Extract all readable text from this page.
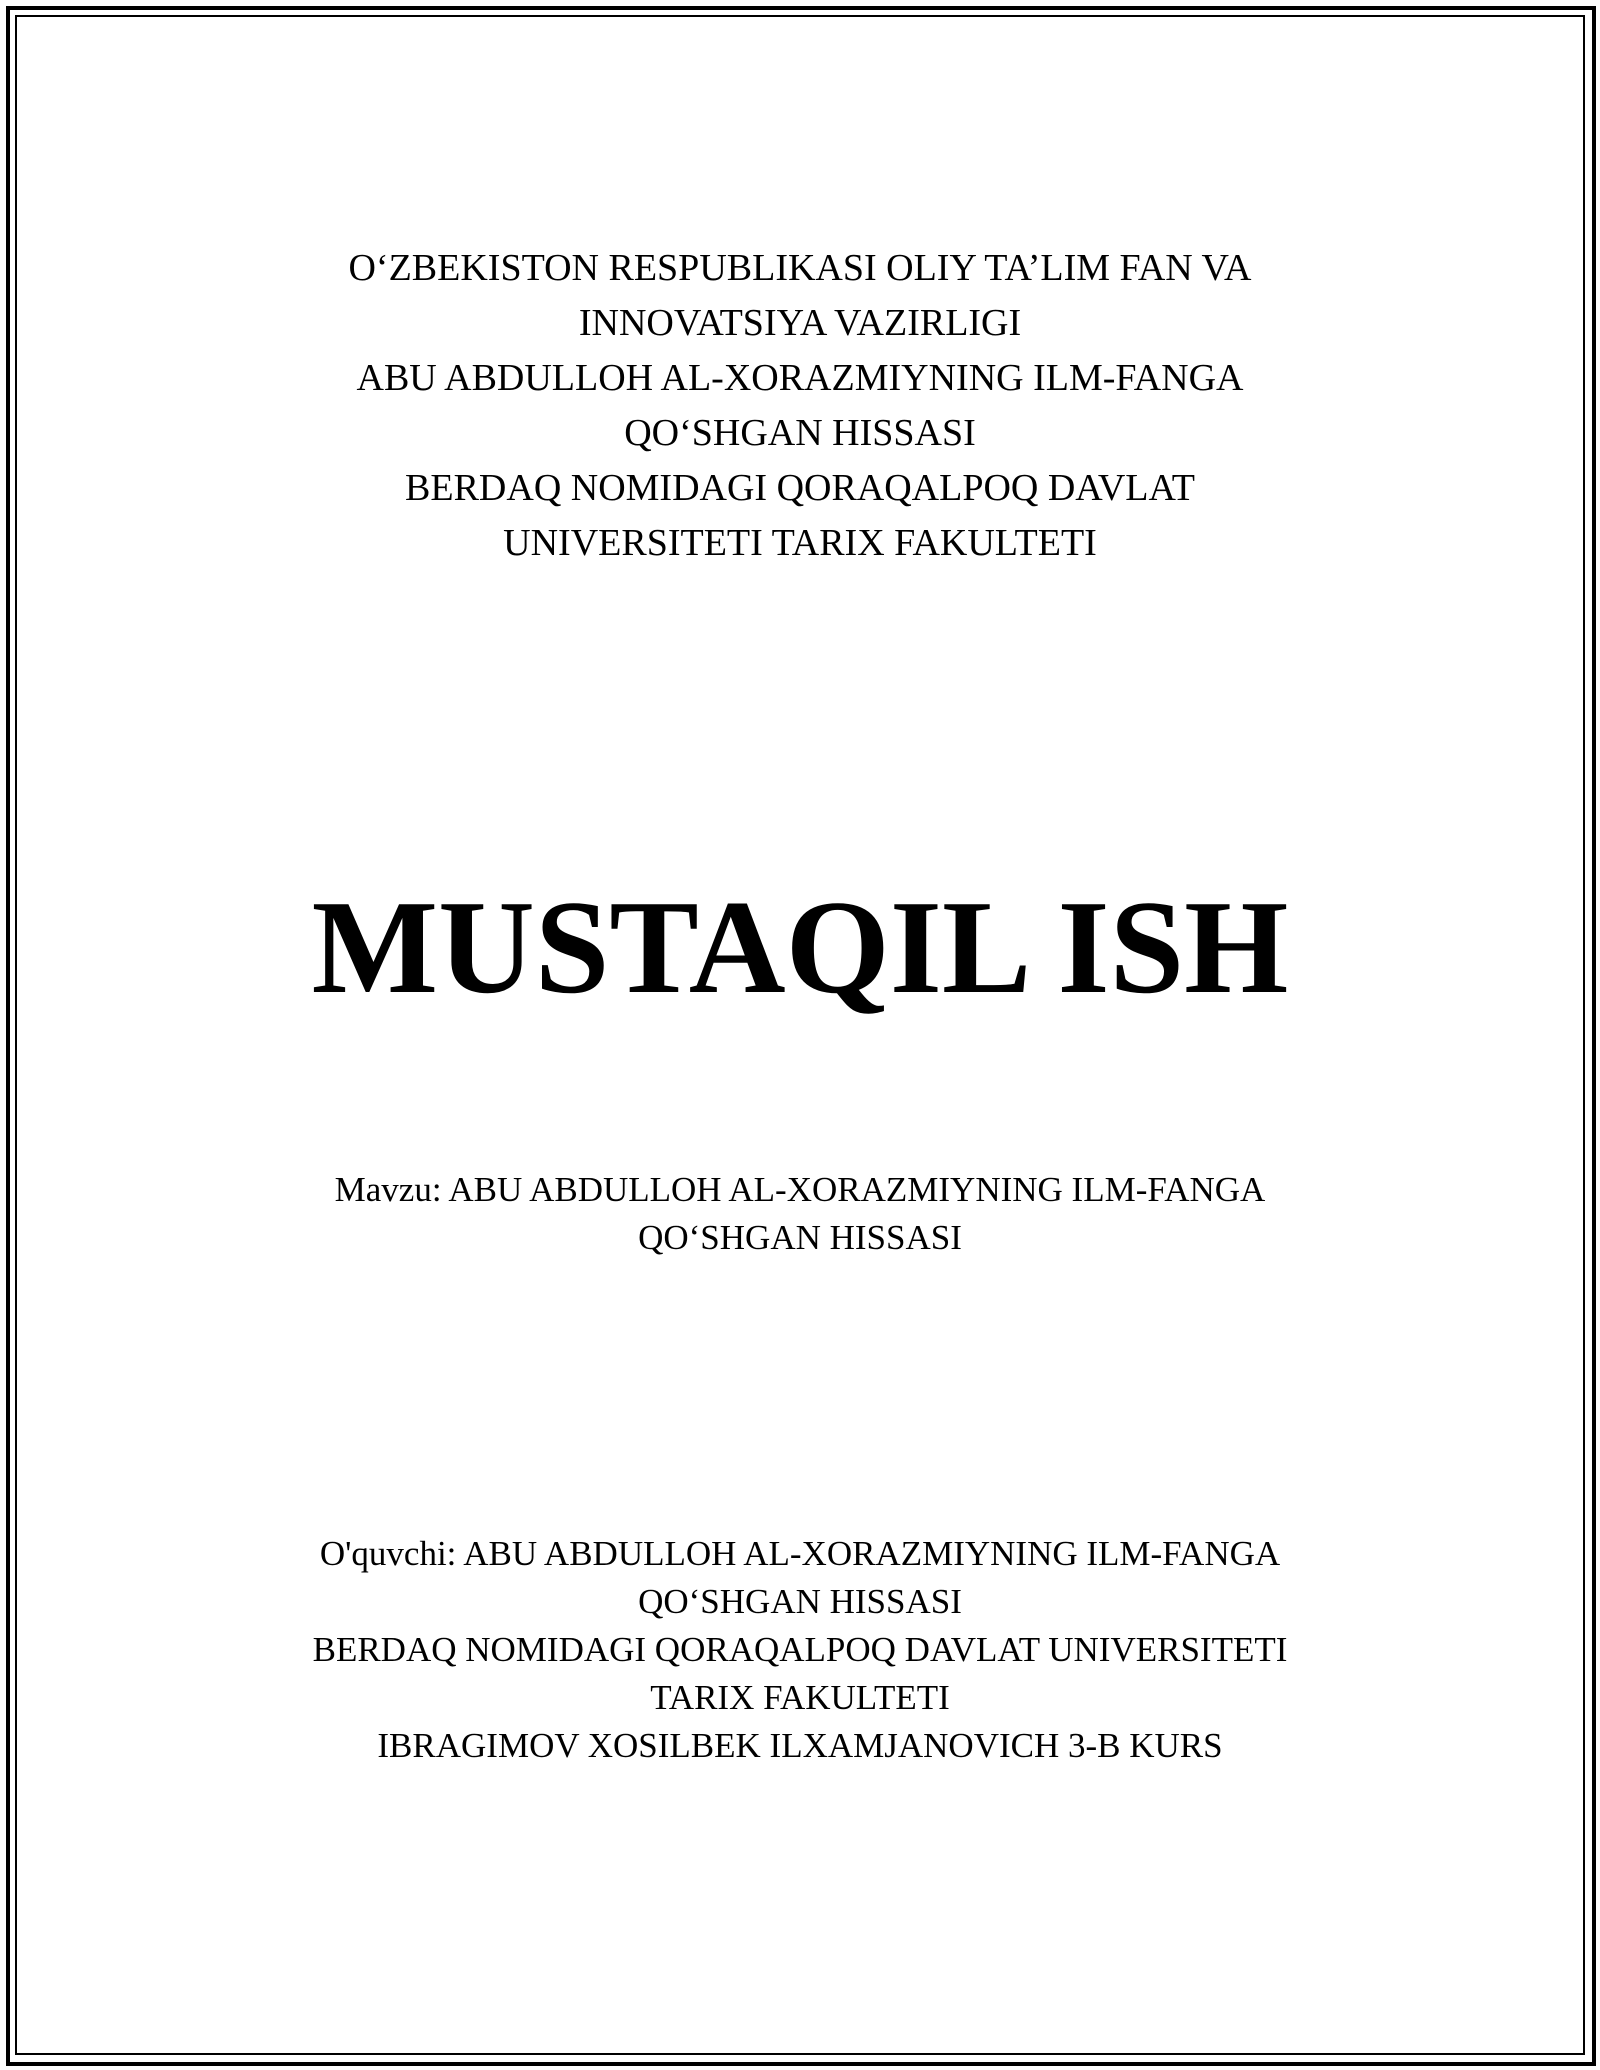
O‘ZBEKISTON RESPUBLIKASI OLIY TA’LIM FAN VA
INNOVATSIYA VAZIRLIGI
ABU ABDULLOH AL-XORAZMIYNING ILM-FANGA
QO‘SHGAN HISSASI
BERDAQ NOMIDAGI QORAQALPOQ DAVLAT
UNIVERSITETI TARIX FAKULTETI
MUSTAQIL ISH
Mavzu: ABU ABDULLOH AL-XORAZMIYNING ILM-FANGA
QO‘SHGAN HISSASI
O'quvchi: ABU ABDULLOH AL-XORAZMIYNING ILM-FANGA
QO‘SHGAN HISSASI
BERDAQ NOMIDAGI QORAQALPOQ DAVLAT UNIVERSITETI
TARIX FAKULTETI
IBRAGIMOV XOSILBEK ILXAMJANOVICH 3-B KURS
